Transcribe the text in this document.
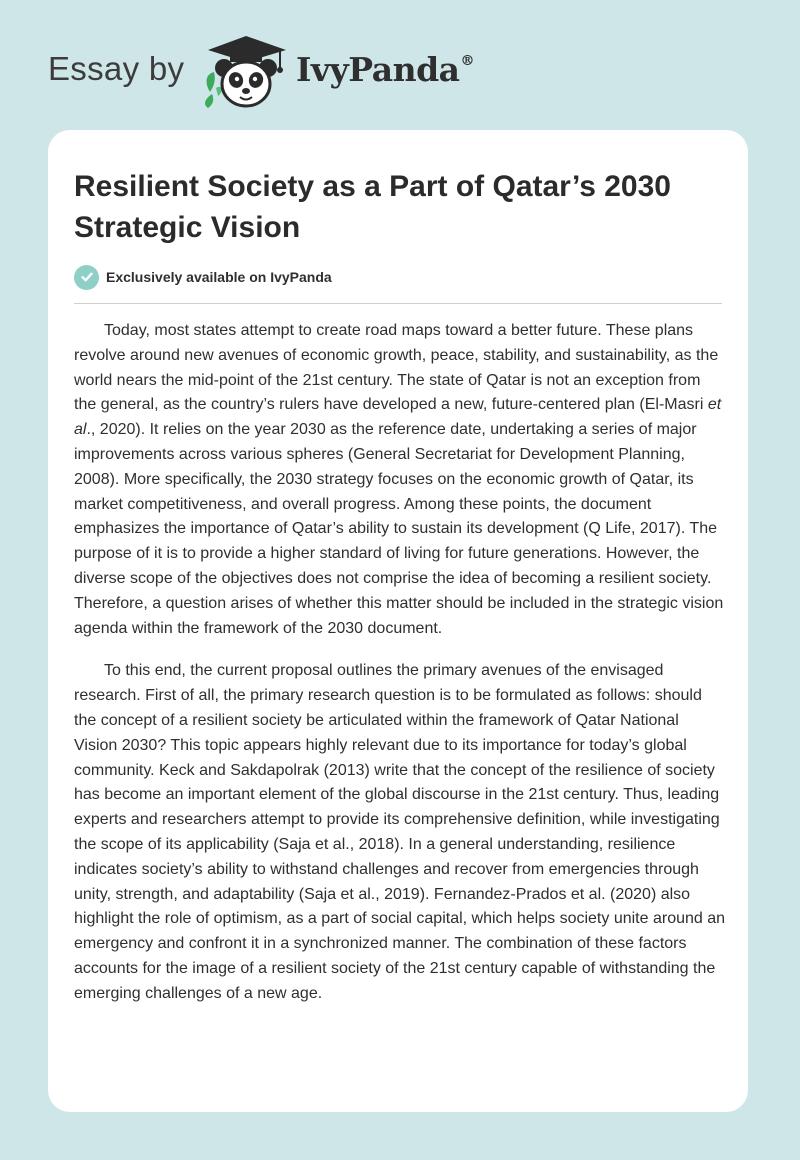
Essay by	IvyPanda®
Resilient Society as a Part of Qatar’s 2030 Strategic Vision
Exclusively available on IvyPanda

Today, most states attempt to create road maps toward a better future. These plans revolve around new avenues of economic growth, peace, stability, and sustainability, as the world nears the mid-point of the 21st century. The state of Qatar is not an exception from the general, as the country’s rulers have developed a new, future-centered plan (El-Masri et al., 2020). It relies on the year 2030 as the reference date, undertaking a series of major improvements across various spheres (General Secretariat for Development Planning, 2008). More specifically, the 2030 strategy focuses on the economic growth of Qatar, its market competitiveness, and overall progress. Among these points, the document emphasizes the importance of Qatar’s ability to sustain its development (Q Life, 2017). The purpose of it is to provide a higher standard of living for future generations. However, the diverse scope of the objectives does not comprise the idea of becoming a resilient society. Therefore, a question arises of whether this matter should be included in the strategic vision agenda within the framework of the 2030 document.

To this end, the current proposal outlines the primary avenues of the envisaged research. First of all, the primary research question is to be formulated as follows: should the concept of a resilient society be articulated within the framework of Qatar National Vision 2030? This topic appears highly relevant due to its importance for today’s global community. Keck and Sakdapolrak (2013) write that the concept of the resilience of society has become an important element of the global discourse in the 21st century. Thus, leading experts and researchers attempt to provide its comprehensive definition, while investigating the scope of its applicability (Saja et al., 2018). In a general understanding, resilience indicates society’s ability to withstand challenges and recover from emergencies through unity, strength, and adaptability (Saja et al., 2019). Fernandez-Prados et al. (2020) also highlight the role of optimism, as a part of social capital, which helps society unite around an emergency and confront it in a synchronized manner. The combination of these factors accounts for the image of a resilient society of the 21st century capable of withstanding the emerging challenges of a new age.
